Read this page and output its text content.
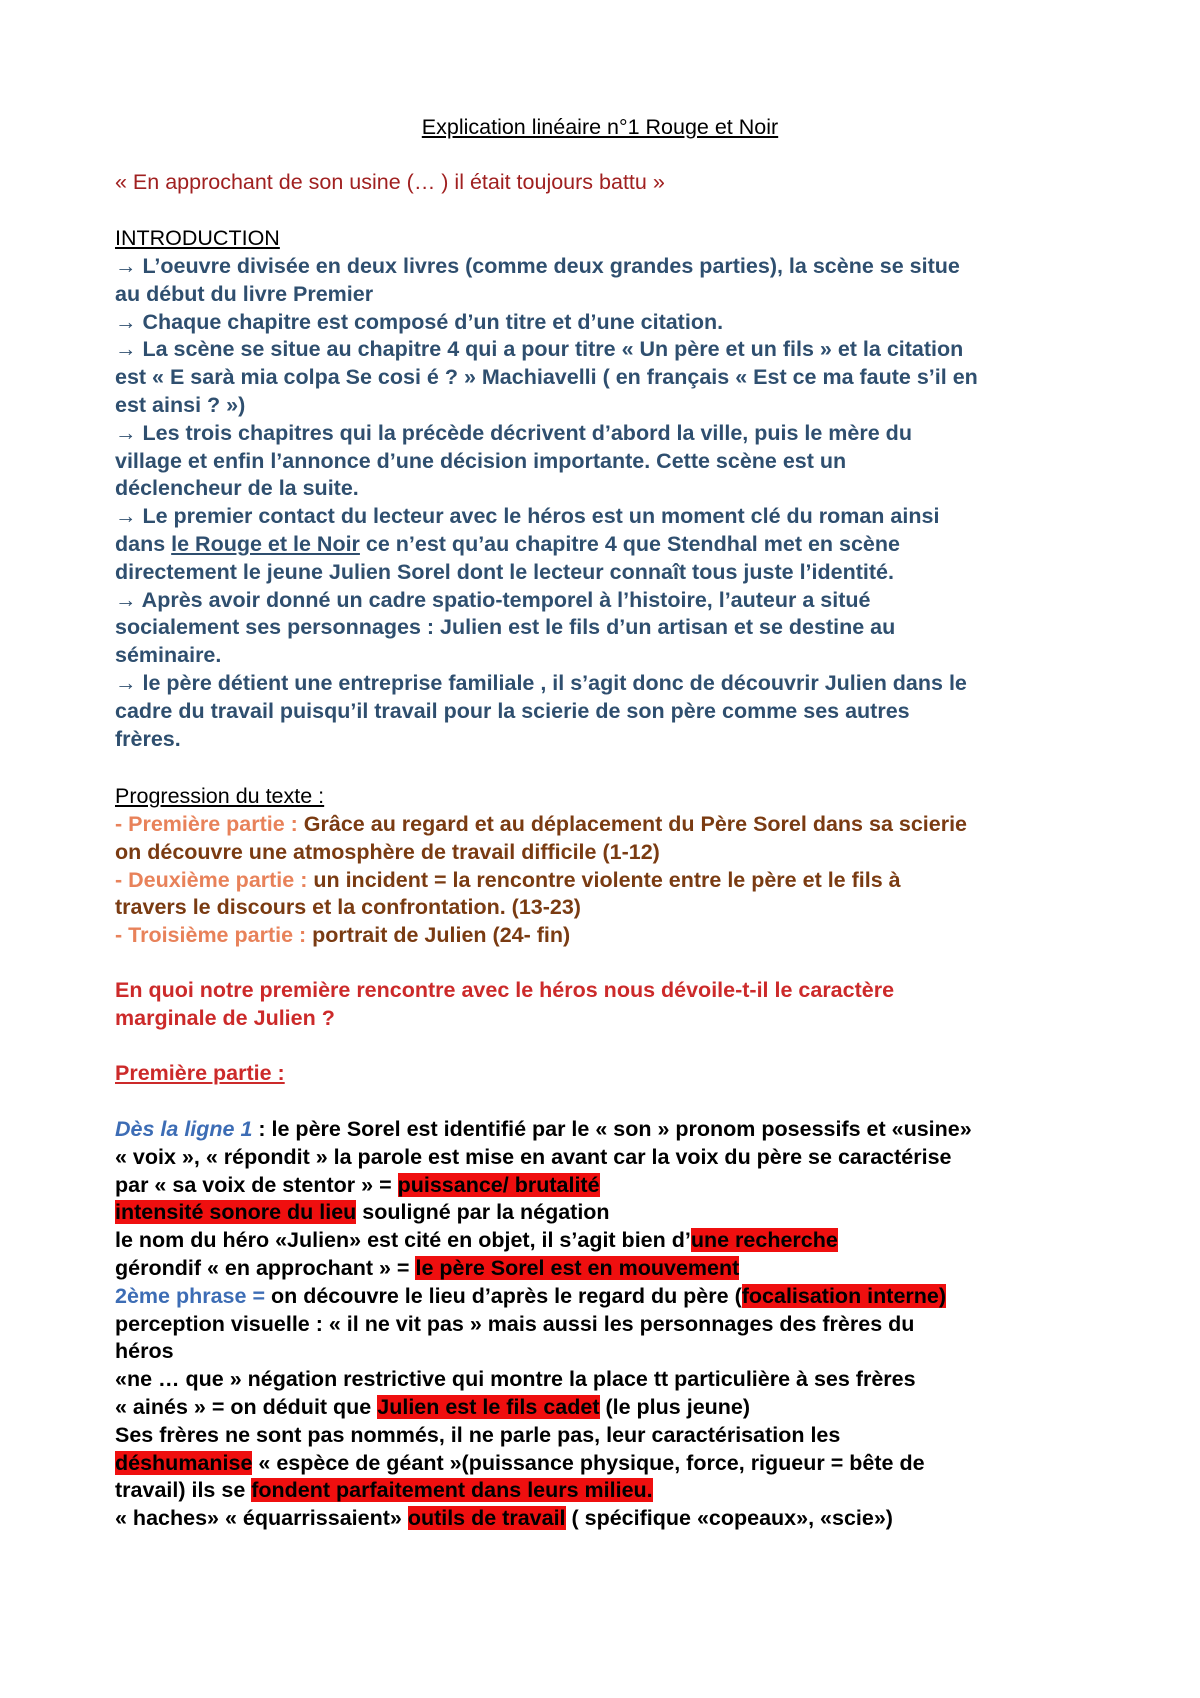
Explication linéaire n°1 Rouge et Noir
« En approchant de son usine (… ) il était toujours battu »
INTRODUCTION

→ L’oeuvre divisée en deux livres (comme deux grandes parties), la scène se situe

au début du livre Premier

→ Chaque chapitre est composé d’un titre et d’une citation.

→ La scène se situe au chapitre 4 qui a pour titre « Un père et un fils » et la citation

est « E sarà mia colpa Se cosi é ? » Machiavelli ( en français « Est ce ma faute s’il en

est ainsi ? »)

→ Les trois chapitres qui la précède décrivent d’abord la ville, puis le mère du

village et enfin l’annonce d’une décision importante. Cette scène est un

déclencheur de la suite.

→ Le premier contact du lecteur avec le héros est un moment clé du roman ainsi

dans le Rouge et le Noir ce n’est qu’au chapitre 4 que Stendhal met en scène

directement le jeune Julien Sorel dont le lecteur connaît tous juste l’identité.

→ Après avoir donné un cadre spatio-temporel à l’histoire, l’auteur a situé

socialement ses personnages : Julien est le fils d’un artisan et se destine au

séminaire.

→ le père détient une entreprise familiale , il s’agit donc de découvrir Julien dans le

cadre du travail puisqu’il travail pour la scierie de son père comme ses autres

frères.

Progression du texte :

- Première partie : Grâce au regard et au déplacement du Père Sorel dans sa scierie

on découvre une atmosphère de travail difficile (1-12)

- Deuxième partie : un incident = la rencontre violente entre le père et le fils à

travers le discours et la confrontation. (13-23)

- Troisième partie : portrait de Julien (24- fin)

En quoi notre première rencontre avec le héros nous dévoile-t-il le caractère
marginale de Julien ?
Première partie :

Dès la ligne 1 : le père Sorel est identifié par le « son » pronom posessifs et «usine»

« voix », « répondit » la parole est mise en avant car la voix du père se caractérise

par « sa voix de stentor » = puissance/ brutalité

intensité sonore du lieu souligné par la négation

le nom du héro «Julien» est cité en objet, il s’agit bien d’une recherche

gérondif « en approchant » = le père Sorel est en mouvement

2ème phrase = on découvre le lieu d’après le regard du père (focalisation interne)

perception visuelle : « il ne vit pas » mais aussi les personnages des frères du

héros

«ne … que » négation restrictive qui montre la place tt particulière à ses frères

« ainés » = on déduit que Julien est le fils cadet (le plus jeune)

Ses frères ne sont pas nommés, il ne parle pas, leur caractérisation les

déshumanise « espèce de géant »(puissance physique, force, rigueur = bête de

travail) ils se fondent parfaitement dans leurs milieu.

« haches» « équarrissaient» outils de travail ( spécifique «copeaux», «scie»)
